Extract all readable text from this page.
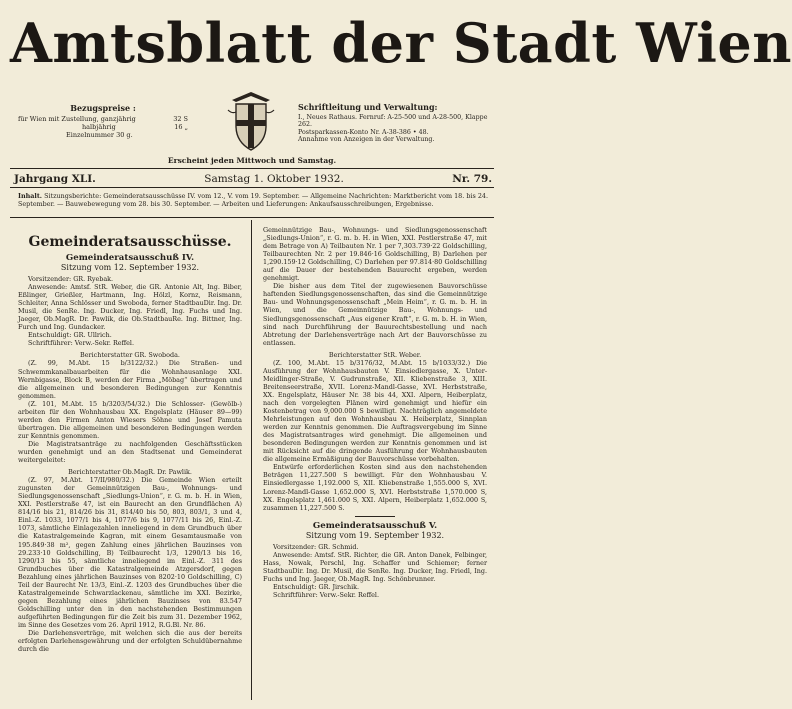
Amtsblatt der Stadt Wien
Bezugspreise :
für Wien mit Zustellung, ganzjährig	32 S
halbjährig	16 „
Einzelnummer 30 g.
Schriftleitung und Verwaltung:
I., Neues Rathaus. Fernruf: A-25-500 und A-28-500, Klappe 262.
Postsparkassen-Konto Nr. A-38-386 • 48.
Annahme von Anzeigen in der Verwaltung.
Erscheint jeden Mittwoch und Samstag.
Jahrgang XLI.	Samstag 1. Oktober 1932.	Nr. 79.
Inhalt. Sitzungsberichte: Gemeinderatsausschüsse IV. vom 12., V. vom 19. September. — Allgemeine Nachrichten: Marktbericht vom 18. bis 24. September. — Bauwebewegung vom 28. bis 30. September. — Arbeiten und Lieferungen: Ankaufsausschreibungen, Ergebnisse.
Gemeinderatsausschüsse.
Gemeinderatsausschuß IV.
Sitzung vom 12. September 1932.

Vorsitzender: GR. Ryebak.

Anwesende: Amtsf. StR. Weber, die GR. Antonie Alt, Ing. Biber, Eßlinger, Grießler, Hartmann, Ing. Hölzl, Kornz, Reismann, Schleiter, Anna Schlösser und Swoboda, ferner StadtbauDir. Ing. Dr. Musil, die SenRe. Ing. Ducker, Ing. Friedl, Ing. Fuchs und Ing. Jaeger, Ob.MagR. Dr. Pawlik, die Ob.StadtbauRe. Ing. Bittner, Ing. Furch und Ing. Gundacker.

Entschuldigt: GR. Ullrich.

Schriftführer: Verw.-Sekr. Reffel.

Berichterstatter GR. Swoboda.

(Z. 99, M.Abt. 15 b/3122/32.) Die Straßen- und Schwemmkanalbauarbeiten für die Wohnhausanlage XXI. Wernbigasse, Block B, werden der Firma „Möbag“ übertragen und die allgemeinen und besonderen Bedingungen zur Kenntnis genommen.

(Z. 101, M.Abt. 15 b/3203/54/32.) Die Schlosser- (Gewölb-) arbeiten für den Wohnhausbau XX. Engelsplatz (Häuser 89—99) werden den Firmen Anton Wiesers Söhne und Josef Pamuta übertragen. Die allgemeinen und besonderen Bedingungen werden zur Kenntnis genommen.

Die Magistratsanträge zu nachfolgenden Geschäftsstücken wurden genehmigt und an den Stadtsenat und Gemeinderat weitergeleitet:

Berichterstatter Ob.MagR. Dr. Pawlik.

(Z. 97, M.Abt. 17/II/980/32.) Die Gemeinde Wien erteilt zugunsten der Gemeinnützigen Bau-, Wohnungs- und Siedlungsgenossenschaft „Siedlungs-Union“, r. G. m. b. H. in Wien, XXI. Pestlerstraße 47, ist ein Baurecht an den Grundflächen A) 814/16 bis 21, 814/26 bis 31, 814/40 bis 50, 803, 803/1, 3 und 4, Einl.-Z. 1033, 1077/1 bis 4, 1077/6 bis 9, 1077/11 bis 26, Einl.-Z. 1073, sämtliche Einlagezahlen inneliegend in dem Grundbuch über die Katastralgemeinde Kagran, mit einem Gesamtausmaße von 195.849·38 m², gegen Zahlung eines jährlichen Bauzinses von 29.233·10 Goldschilling, B) Teilbaurecht 1/3, 1290/13 bis 16, 1290/13 bis 55, sämtliche inneliegend im Einl.-Z. 311 des Grundbuches über die Katastralgemeinde Atzgersdorf, gegen Bezahlung eines jährlichen Bauzinses von 8202·10 Goldschilling, C) Teil der Baurecht Nr. 13/3, Einl.-Z. 1203 des Grundbuches über die Katastralgemeinde Schwarzlackenau, sämtliche im XXI. Bezirke, gegen Bezahlung eines jährlichen Bauzinses von 83.547 Goldschilling unter den in den nachstehenden Bestimmungen aufgeführten Bedingungen für die Zeit bis zum 31. Dezember 1962, im Sinne des Gesetzes vom 26. April 1912, R.G.Bl. Nr. 86.

Die Darlehensverträge, mit welchen sich die aus der bereits erfolgten Darlehensgewährung und der erfolgten Schuldübernahme durch die

Gemeinnützige Bau-, Wohnungs- und Siedlungsgenossenschaft „Siedlungs-Union“, r. G. m. b. H. in Wien, XXI. Pestlerstraße 47, mit dem Betrage von A) Teilbauten Nr. 1 per 7,303.739·22 Goldschilling, Teilbaurechten Nr. 2 per 19.846·16 Goldschilling, B) Darlehen per 1,290.159·12 Goldschilling, C) Darlehen per 97.814·80 Goldschilling auf die Dauer der bestehenden Bauurecht ergeben, werden genehmigt.

Die bisher aus dem Titel der zugewiesenen Bauvorschüsse haftenden Siedlungsgenossenschaften, das sind die Gemeinnützige Bau- und Wohnungsgenossenschaft „Mein Heim“, r. G. m. b. H. in Wien, und die Gemeinnützige Bau-, Wohnungs- und Siedlungsgenossenschaft „Aus eigener Kraft“, r. G. m. b. H. in Wien, sind nach Durchführung der Bauurechtsbestellung und nach Abtretung der Darlehensverträge nach Art der Bauvorschüsse zu entlassen.

Berichterstatter StR. Weber.

(Z. 100, M.Abt. 15 b/3176/32, M.Abt. 15 b/1033/32.) Die Ausführung der Wohnhausbauten V. Einsiedlergasse, X. Unter-Meidlinger-Straße, V. Gudrunstraße, XII. Kliebenstraße 3, XIII. Breitenseerstraße, XVII. Lorenz-Mandl-Gasse, XVI. Herbststraße, XX. Engelsplatz, Häuser Nr. 38 bis 44, XXI. Alpern, Heiberplatz, nach den vorgelegten Plänen wird genehmigt und hiefür ein Kostenbetrag von 9,000.000 S bewilligt. Nachträglich angemeldete Mehrleistungen auf den Wohnhausbau X. Heiberplatz, Sinnplan werden zur Kenntnis genommen. Die Auftragsvergebung im Sinne des Magistratsantrages wird genehmigt. Die allgemeinen und besonderen Bedingungen werden zur Kenntnis genommen und ist mit Rücksicht auf die dringende Ausführung der Wohnhausbauten die allgemeine Ermäßigung der Bauvorschüsse vorbehalten.

Entwürfe erforderlichen Kosten sind aus den nachstehenden Beträgen 11,227.500 S bewilligt. Für den Wohnhausbau V. Einsiedlergasse 1,192.000 S, XII. Kliebenstraße 1,555.000 S, XVI. Lorenz-Mandl-Gasse 1,652.000 S, XVI. Herbststraße 1,570.000 S, XX. Engelsplatz 1,461.000 S, XXI. Alpern, Heiberplatz 1,652.000 S, zusammen 11,227.500 S.

Gemeinderatsausschuß V.
Sitzung vom 19. September 1932.

Vorsitzender: GR. Schmid.

Anwesende: Amtsf. StR. Richter, die GR. Anton Danek, Felbinger, Hass, Nowak, Perschl, Ing. Schaffer und Schiemer; ferner StadtbauDir. Ing. Dr. Musil, die SenRe. Ing. Ducker, Ing. Friedl, Ing. Fuchs und Ing. Jaeger, Ob.MagR. Ing. Schönbrunner.

Entschuldigt: GR. Jirschik.

Schriftführer: Verw.-Sekr. Reffel.
